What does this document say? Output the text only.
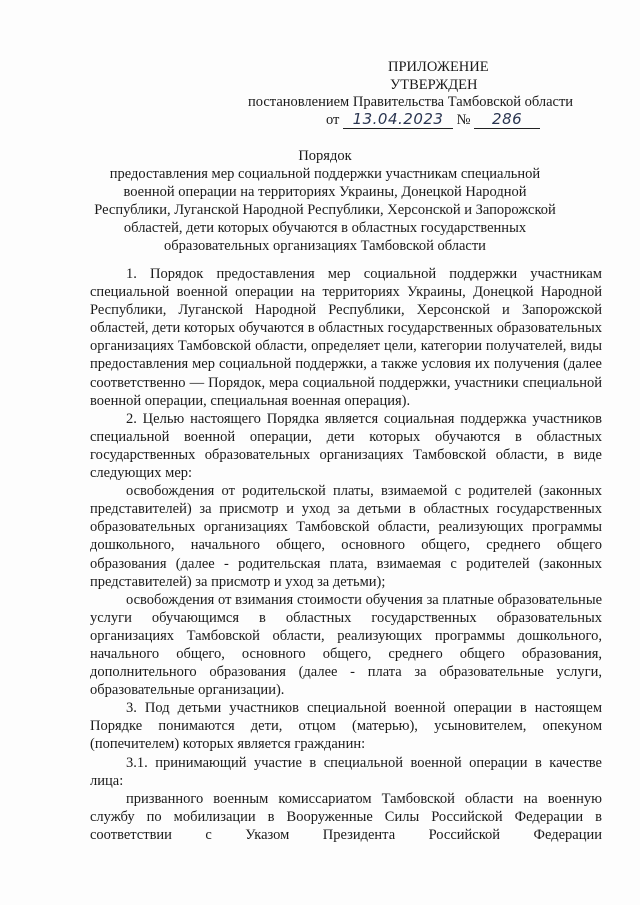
ПРИЛОЖЕНИЕ
УТВЕРЖДЕН
постановлением Правительства Тамбовской области
от 13.04.2023 № 286
Порядок
предоставления мер социальной поддержки участникам специальной
военной операции на территориях Украины, Донецкой Народной
Республики, Луганской Народной Республики, Херсонской и Запорожской
областей, дети которых обучаются в областных государственных
образовательных организациях Тамбовской области

1. Порядок предоставления мер социальной поддержки участникам специальной военной операции на территориях Украины, Донецкой Народной Республики, Луганской Народной Республики, Херсонской и Запорожской областей, дети которых обучаются в областных государственных образовательных организациях Тамбовской области, определяет цели, категории получателей, виды предоставления мер социальной поддержки, а также условия их получения (далее соответственно — Порядок, мера социальной поддержки, участники специальной военной операции, специальная военная операция).

2. Целью настоящего Порядка является социальная поддержка участников специальной военной операции, дети которых обучаются в областных государственных образовательных организациях Тамбовской области, в виде следующих мер:

освобождения от родительской платы, взимаемой с родителей (законных представителей) за присмотр и уход за детьми в областных государственных образовательных организациях Тамбовской области, реализующих программы дошкольного, начального общего, основного общего, среднего общего образования (далее - родительская плата, взимаемая с родителей (законных представителей) за присмотр и уход за детьми);

освобождения от взимания стоимости обучения за платные образовательные услуги обучающимся в областных государственных образовательных организациях Тамбовской области, реализующих программы дошкольного, начального общего, основного общего, среднего общего образования, дополнительного образования (далее - плата за образовательные услуги, образовательные организации).

3. Под детьми участников специальной военной операции в настоящем Порядке понимаются дети, отцом (матерью), усыновителем, опекуном (попечителем) которых является гражданин:

3.1. принимающий участие в специальной военной операции в качестве лица:

призванного военным комиссариатом Тамбовской области на военную службу по мобилизации в Вооруженные Силы Российской Федерации в соответствии с Указом Президента Российской Федерации
